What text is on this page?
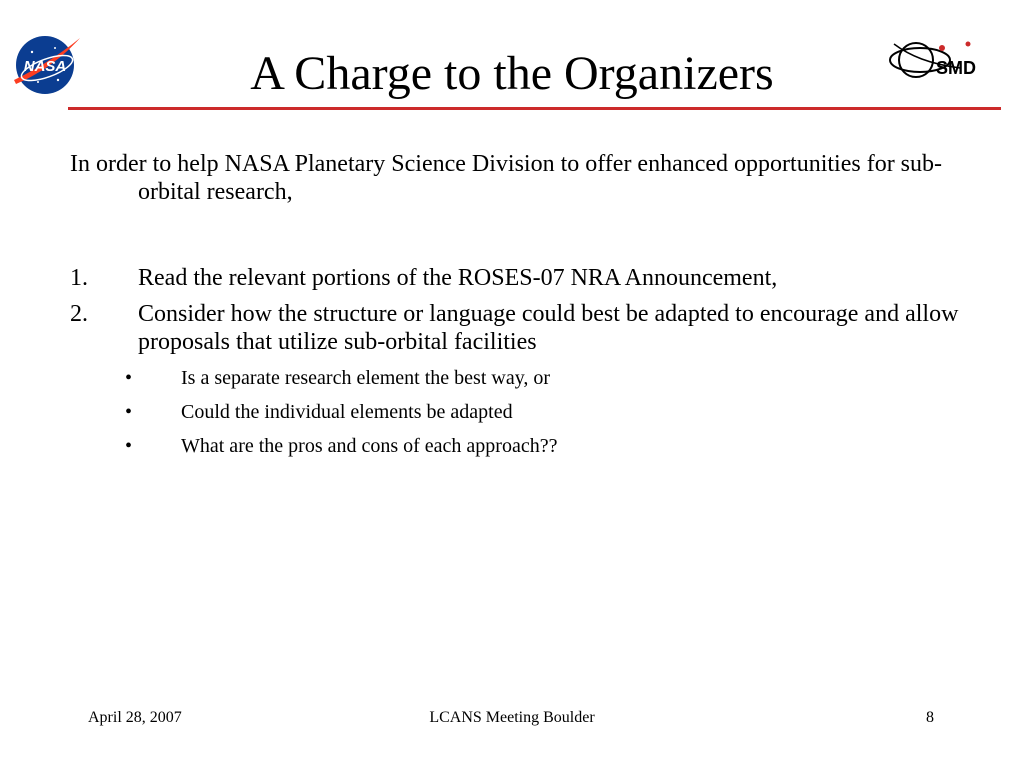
NASA	SMD
A Charge to the Organizers

In order to help NASA Planetary Science Division to offer enhanced opportunities for sub-orbital research,

1. Read the relevant portions of the ROSES-07 NRA Announcement,
2. Consider how the structure or language could best be adapted to encourage and allow proposals that utilize sub-orbital facilities
• Is a separate research element the best way, or
• Could the individual elements be adapted
• What are the pros and cons of each approach??
April 28, 2007	LCANS Meeting Boulder	8
